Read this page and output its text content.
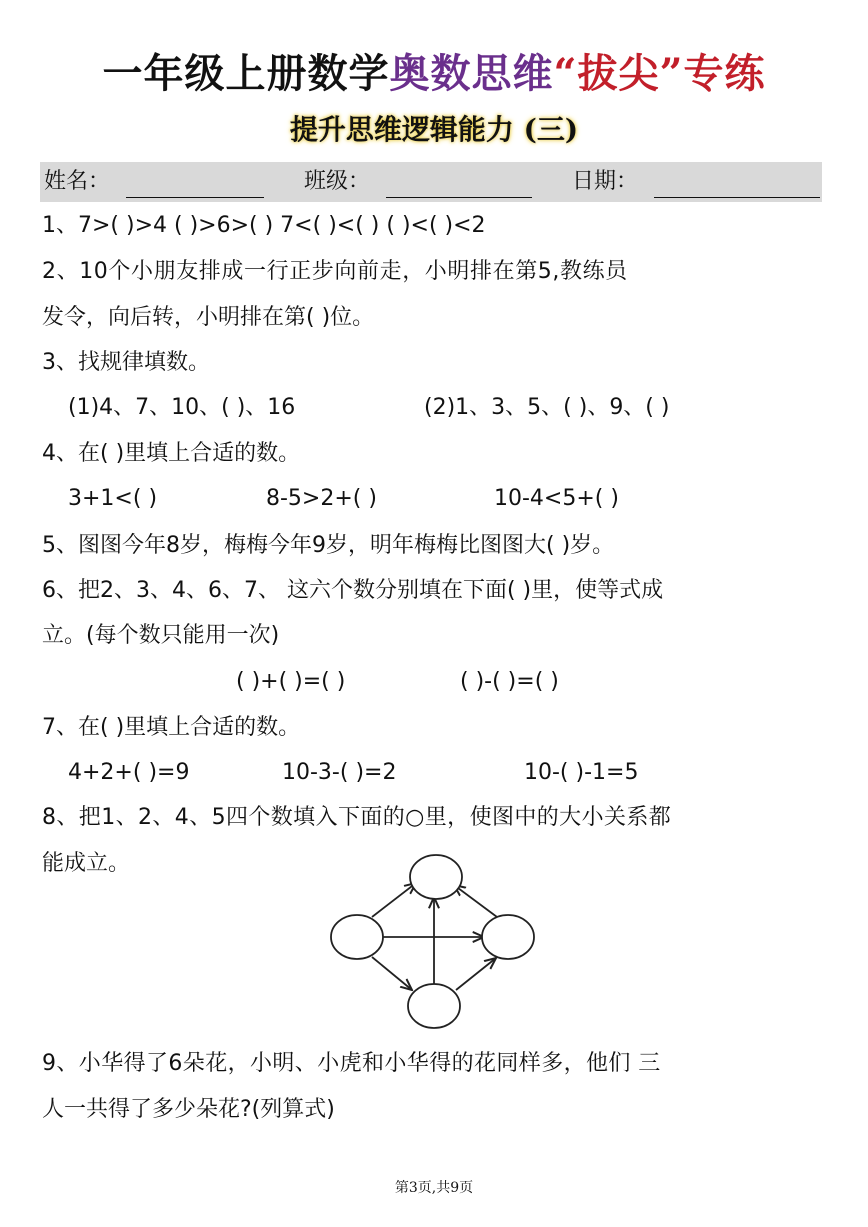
一年级上册数学奥数思维“拔尖”专练
提升思维逻辑能力 (三)
姓名：	班级：	日期：
1、7>( )>4 ( )>6>( ) 7<( )<( ) ( )<( )<2
2、10个小朋友排成一行正步向前走，小明排在第5,教练员
发令，向后转，小明排在第( )位。
3、找规律填数。
(1)4、7、10、( )、16	(2)1、3、5、( )、9、( )
4、在( )里填上合适的数。
3+1<( )	8-5>2+( )	10-4<5+( )
5、图图今年8岁，梅梅今年9岁，明年梅梅比图图大( )岁。
6、把2、3、4、6、7、 这六个数分别填在下面( )里，使等式成
立。(每个数只能用一次)
( )+( )=( )	( )-( )=( )
7、在( )里填上合适的数。
4+2+( )=9	10-3-( )=2	10-( )-1=5
8、把1、2、4、5四个数填入下面的○里，使图中的大小关系都
能成立。
9、小华得了6朵花，小明、小虎和小华得的花同样多，他们 三
人一共得了多少朵花?(列算式)
第3页,共9页
